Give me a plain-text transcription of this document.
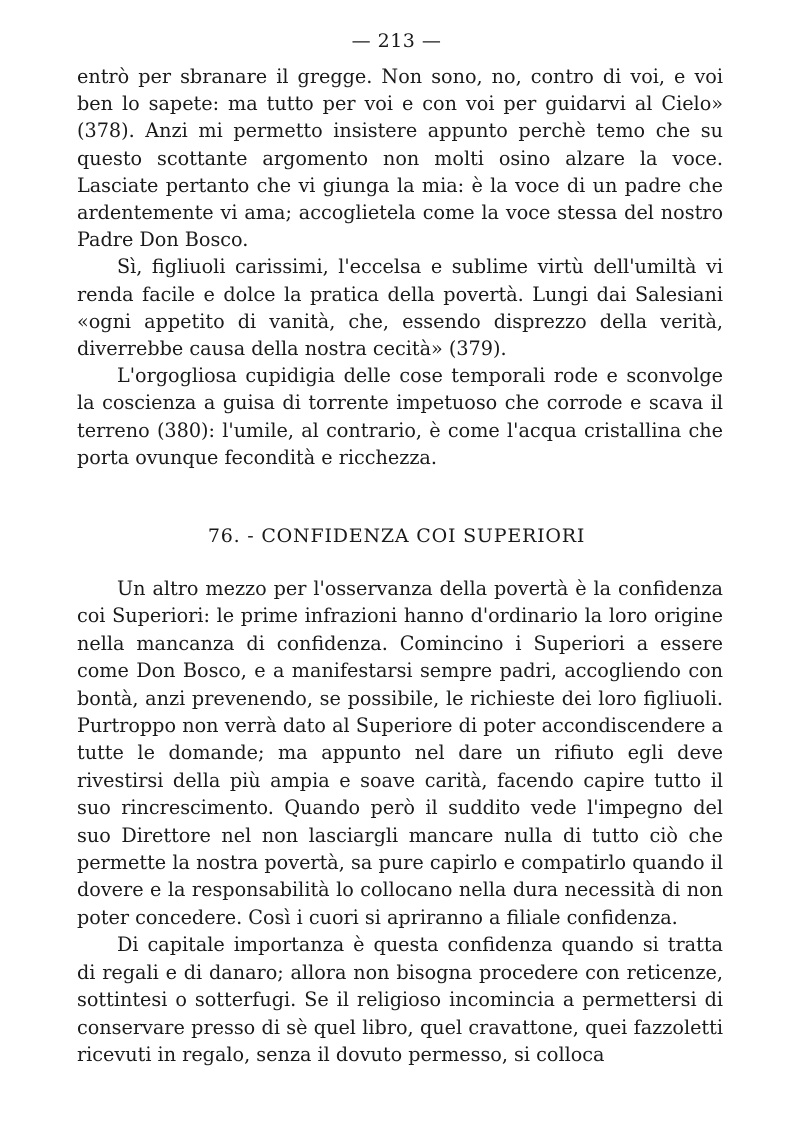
— 213 —

entrò per sbranare il gregge. Non sono, no, contro di voi, e voi ben lo sapete: ma tutto per voi e con voi per guidarvi al Cielo» (378). Anzi mi permetto insistere appunto perchè temo che su questo scottante argomento non molti osino alzare la voce. Lasciate pertanto che vi giunga la mia: è la voce di un padre che ardentemente vi ama; accoglietela come la voce stessa del nostro Padre Don Bosco.

Sì, figliuoli carissimi, l'eccelsa e sublime virtù dell'umiltà vi renda facile e dolce la pratica della povertà. Lungi dai Salesiani «ogni appetito di vanità, che, essendo disprezzo della verità, diverrebbe causa della nostra cecità» (379).

L'orgogliosa cupidigia delle cose temporali rode e sconvolge la coscienza a guisa di torrente impetuoso che corrode e scava il terreno (380): l'umile, al contrario, è come l'acqua cristallina che porta ovunque fecondità e ricchezza.

76. - CONFIDENZA COI SUPERIORI

Un altro mezzo per l'osservanza della povertà è la confidenza coi Superiori: le prime infrazioni hanno d'ordinario la loro origine nella mancanza di confidenza. Comincino i Superiori a essere come Don Bosco, e a manifestarsi sempre padri, accogliendo con bontà, anzi prevenendo, se possibile, le richieste dei loro figliuoli. Purtroppo non verrà dato al Superiore di poter accondiscendere a tutte le domande; ma appunto nel dare un rifiuto egli deve rivestirsi della più ampia e soave carità, facendo capire tutto il suo rincrescimento. Quando però il suddito vede l'impegno del suo Direttore nel non lasciargli mancare nulla di tutto ciò che permette la nostra povertà, sa pure capirlo e compatirlo quando il dovere e la responsabilità lo collocano nella dura necessità di non poter concedere. Così i cuori si apriranno a filiale confidenza.

Di capitale importanza è questa confidenza quando si tratta di regali e di danaro; allora non bisogna procedere con reticenze, sottintesi o sotterfugi. Se il religioso incomincia a permettersi di conservare presso di sè quel libro, quel cravattone, quei fazzoletti ricevuti in regalo, senza il dovuto permesso, si colloca
